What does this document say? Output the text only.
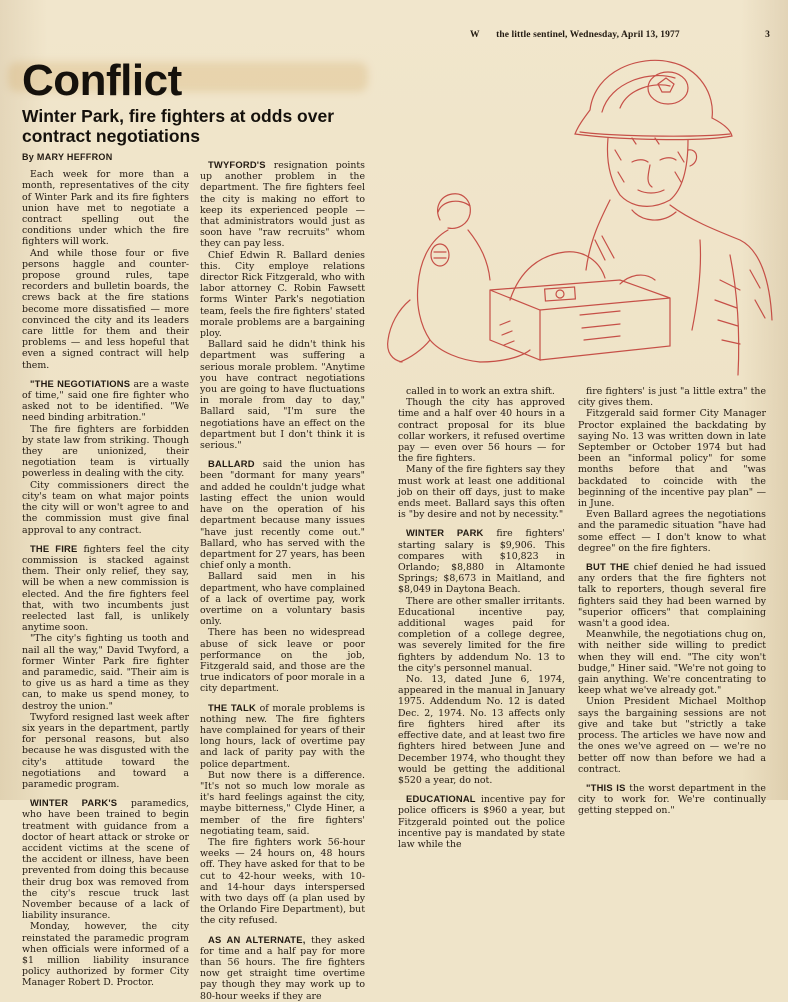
W the little sentinel, Wednesday, April 13, 1977	3
Conflict
Winter Park, fire fighters at odds over contract negotiations

By MARY HEFFRON

Each week for more than a month, representatives of the city of Winter Park and its fire fighters union have met to negotiate a contract spelling out the conditions under which the fire fighters will work.

And while those four or five persons haggle and counter-propose ground rules, tape recorders and bulletin boards, the crews back at the fire stations become more dissatisfied — more convinced the city and its leaders care little for them and their problems — and less hopeful that even a signed contract will help them.

"THE NEGOTIATIONS are a waste of time," said one fire fighter who asked not to be identified. "We need binding arbitration."

The fire fighters are forbidden by state law from striking. Though they are unionized, their negotiation team is virtually powerless in dealing with the city.

City commissioners direct the city's team on what major points the city will or won't agree to and the commission must give final approval to any contract.

THE FIRE fighters feel the city commission is stacked against them. Their only relief, they say, will be when a new commission is elected. And the fire fighters feel that, with two incumbents just reelected last fall, is unlikely anytime soon.

"The city's fighting us tooth and nail all the way," David Twyford, a former Winter Park fire fighter and paramedic, said. "Their aim is to give us as hard a time as they can, to make us spend money, to destroy the union."

Twyford resigned last week after six years in the department, partly for personal reasons, but also because he was disgusted with the city's attitude toward the negotiations and toward a paramedic program.

WINTER PARK'S paramedics, who have been trained to begin treatment with guidance from a doctor of heart attack or stroke or accident victims at the scene of the accident or illness, have been prevented from doing this because their drug box was removed from the city's rescue truck last November because of a lack of liability insurance.

Monday, however, the city reinstated the paramedic program when officials were informed of a $1 million liability insurance policy authorized by former City Manager Robert D. Proctor.

TWYFORD'S resignation points up another problem in the department. The fire fighters feel the city is making no effort to keep its experienced people — that administrators would just as soon have "raw recruits" whom they can pay less.

Chief Edwin R. Ballard denies this. City employe relations director Rick Fitzgerald, who with labor attorney C. Robin Fawsett forms Winter Park's negotiation team, feels the fire fighters' stated morale problems are a bargaining ploy.

Ballard said he didn't think his department was suffering a serious morale problem. "Anytime you have contract negotiations you are going to have fluctuations in morale from day to day," Ballard said, "I'm sure the negotiations have an effect on the department but I don't think it is serious."

BALLARD said the union has been "dormant for many years" and added he couldn't judge what lasting effect the union would have on the operation of his department because many issues "have just recently come out." Ballard, who has served with the department for 27 years, has been chief only a month.

Ballard said men in his department, who have complained of a lack of overtime pay, work overtime on a voluntary basis only.

There has been no widespread abuse of sick leave or poor performance on the job, Fitzgerald said, and those are the true indicators of poor morale in a city department.

THE TALK of morale problems is nothing new. The fire fighters have complained for years of their long hours, lack of overtime pay and lack of parity pay with the police department.

But now there is a difference. "It's not so much low morale as it's hard feelings against the city, maybe bitterness," Clyde Hiner, a member of the fire fighters' negotiating team, said.

The fire fighters work 56-hour weeks — 24 hours on, 48 hours off. They have asked for that to be cut to 42-hour weeks, with 10- and 14-hour days interspersed with two days off (a plan used by the Orlando Fire Department), but the city refused.

AS AN ALTERNATE, they asked for time and a half pay for more than 56 hours. The fire fighters now get straight time overtime pay though they may work up to 80-hour weeks if they are

called in to work an extra shift.

Though the city has approved time and a half over 40 hours in a contract proposal for its blue collar workers, it refused overtime pay — even over 56 hours — for the fire fighters.

Many of the fire fighters say they must work at least one additional job on their off days, just to make ends meet. Ballard says this often is "by desire and not by necessity."

WINTER PARK fire fighters' starting salary is $9,906. This compares with $10,823 in Orlando; $8,880 in Altamonte Springs; $8,673 in Maitland, and $8,049 in Daytona Beach.

There are other smaller irritants. Educational incentive pay, additional wages paid for completion of a college degree, was severely limited for the fire fighters by addendum No. 13 to the city's personnel manual.

No. 13, dated June 6, 1974, appeared in the manual in January 1975. Addendum No. 12 is dated Dec. 2, 1974. No. 13 affects only fire fighters hired after its effective date, and at least two fire fighters hired between June and December 1974, who thought they would be getting the additional $520 a year, do not.

EDUCATIONAL incentive pay for police officers is $960 a year, but Fitzgerald pointed out the police incentive pay is mandated by state law while the

fire fighters' is just "a little extra" the city gives them.

Fitzgerald said former City Manager Proctor explained the backdating by saying No. 13 was written down in late September or October 1974 but had been an "informal policy" for some months before that and "was backdated to coincide with the beginning of the incentive pay plan" — in June.

Even Ballard agrees the negotiations and the paramedic situation "have had some effect — I don't know to what degree" on the fire fighters.

BUT THE chief denied he had issued any orders that the fire fighters not talk to reporters, though several fire fighters said they had been warned by "superior officers" that complaining wasn't a good idea.

Meanwhile, the negotiations chug on, with neither side willing to predict when they will end. "The city won't budge," Hiner said. "We're not going to gain anything. We're concentrating to keep what we've already got."

Union President Michael Molthop says the bargaining sessions are not give and take but "strictly a take process. The articles we have now and the ones we've agreed on — we're no better off now than before we had a contract.

"THIS IS the worst department in the city to work for. We're continually getting stepped on."
